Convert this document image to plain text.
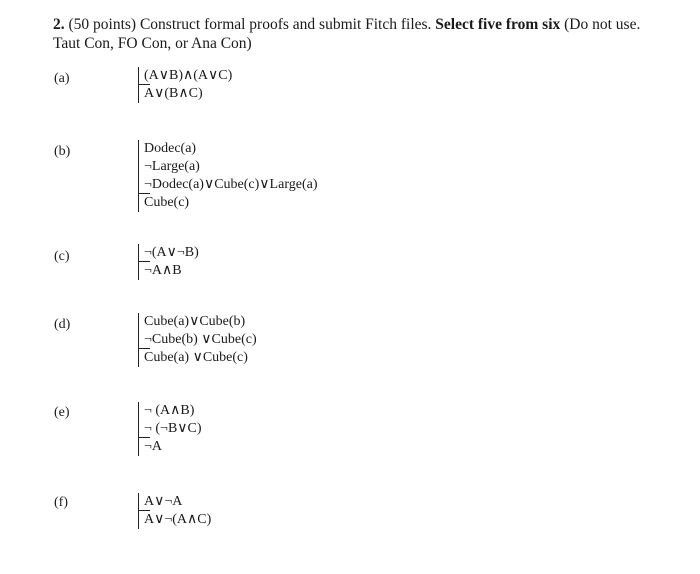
2. (50 points) Construct formal proofs and submit Fitch files. Select five from six (Do not use. Taut Con, FO Con, or Ana Con)
(a)	(A∨B)∧(A∨C)
A∨(B∧C)
(b)	Dodec(a)
¬Large(a)
¬Dodec(a)∨Cube(c)∨Large(a)
Cube(c)
(c)	¬(A∨¬B)
¬A∧B
(d)	Cube(a)∨Cube(b)
¬Cube(b) ∨Cube(c)
Cube(a) ∨Cube(c)
(e)	¬ (A∧B)
¬ (¬B∨C)
¬A
(f)	A∨¬A
A∨¬(A∧C)
